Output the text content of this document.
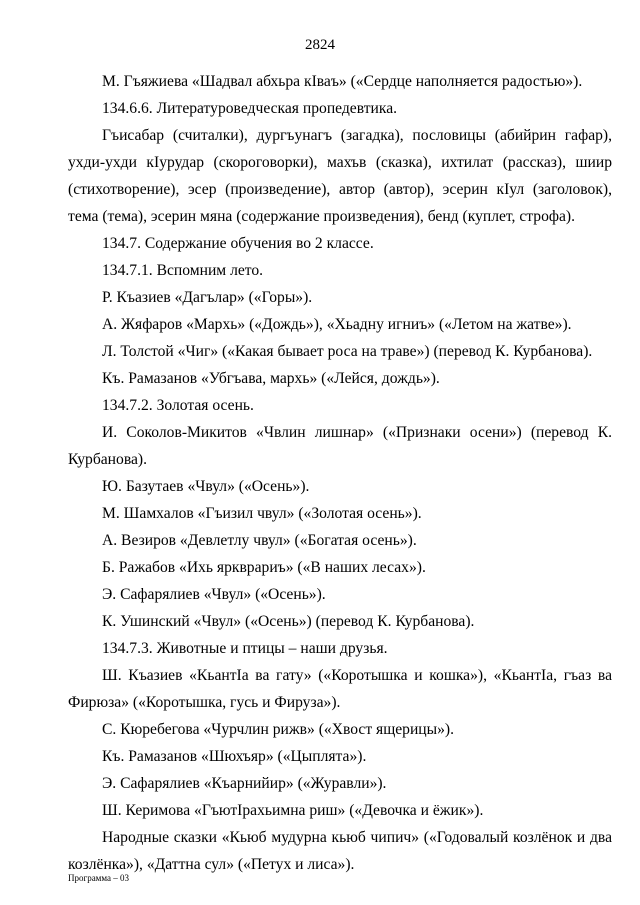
2824

М. Гъяжиева «Шадвал абхьра кIваъ» («Сердце наполняется радостью»).

134.6.6. Литературоведческая пропедевтика.

Гъисабар (считалки), дургъунагъ (загадка), пословицы (абийрин гафар), ухди-ухди кIурудар (скороговорки), махъв (сказка), ихтилат (рассказ), шиир (стихотворение), эсер (произведение), автор (автор), эсерин кIул (заголовок), тема (тема), эсерин мяна (содержание произведения), бенд (куплет, строфа).

134.7. Содержание обучения во 2 классе.

134.7.1. Вспомним лето.

Р. Къазиев «Дагълар» («Горы»).

А. Жяфаров «Мархь» («Дождь»), «Хьадну игниъ» («Летом на жатве»).

Л. Толстой «Чиг» («Какая бывает роса на траве») (перевод К. Курбанова).

Къ. Рамазанов «Убгъава, мархь» («Лейся, дождь»).

134.7.2. Золотая осень.

И. Соколов-Микитов «Чвлин лишнар» («Признаки осени») (перевод К. Курбанова).

Ю. Базутаев «Чвул» («Осень»).

М. Шамхалов «Гъизил чвул» («Золотая осень»).

А. Везиров «Девлетлу чвул» («Богатая осень»).

Б. Ражабов «Ихь яркврариъ» («В наших лесах»).

Э. Сафарялиев «Чвул» («Осень»).

К. Ушинский «Чвул» («Осень») (перевод К. Курбанова).

134.7.3. Животные и птицы – наши друзья.

Ш. Къазиев «КьантIа ва гату» («Коротышка и кошка»), «КьантIа, гъаз ва Фирюза» («Коротышка, гусь и Фируза»).

С. Кюребегова «Чурчлин рижв» («Хвост ящерицы»).

Къ. Рамазанов «Шюхъяр» («Цыплята»).

Э. Сафарялиев «Къарнийир» («Журавли»).

Ш. Керимова «ГъютIрахьимна риш» («Девочка и ёжик»).

Народные сказки «Кьюб мудурна кьюб чипич» («Годовалый козлёнок и два козлёнка»), «Даттна сул» («Петух и лиса»).

Программа – 03
